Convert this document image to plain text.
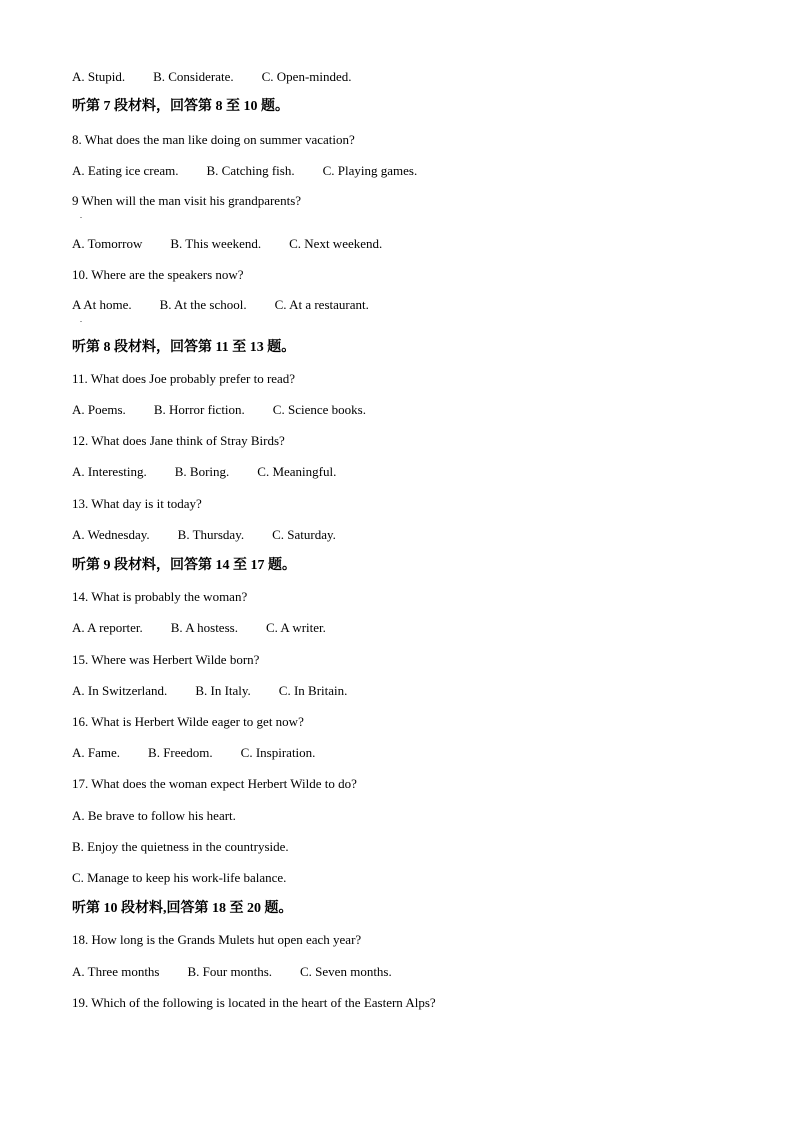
A. Stupid. B. Considerate. C. Open-minded.
听第 7 段材料，回答第 8 至 10 题。
8. What does the man like doing on summer vacation?
A. Eating ice cream. B. Catching fish. C. Playing games.
9 When will the man visit his grandparents?
.
A. Tomorrow B. This weekend. C. Next weekend.
10. Where are the speakers now?
A At home. B. At the school. C. At a restaurant.
.
听第 8 段材料，回答第 11 至 13 题。
11. What does Joe probably prefer to read?
A. Poems. B. Horror fiction. C. Science books.
12. What does Jane think of Stray Birds?
A. Interesting. B. Boring. C. Meaningful.
13. What day is it today?
A. Wednesday. B. Thursday. C. Saturday.
听第 9 段材料，回答第 14 至 17 题。
14. What is probably the woman?
A. A reporter. B. A hostess. C. A writer.
15. Where was Herbert Wilde born?
A. In Switzerland. B. In Italy. C. In Britain.
16. What is Herbert Wilde eager to get now?
A. Fame. B. Freedom. C. Inspiration.
17. What does the woman expect Herbert Wilde to do?
A. Be brave to follow his heart.
B. Enjoy the quietness in the countryside.
C. Manage to keep his work-life balance.
听第 10 段材料,回答第 18 至 20 题。
18. How long is the Grands Mulets hut open each year?
A. Three months B. Four months. C. Seven months.
19. Which of the following is located in the heart of the Eastern Alps?
